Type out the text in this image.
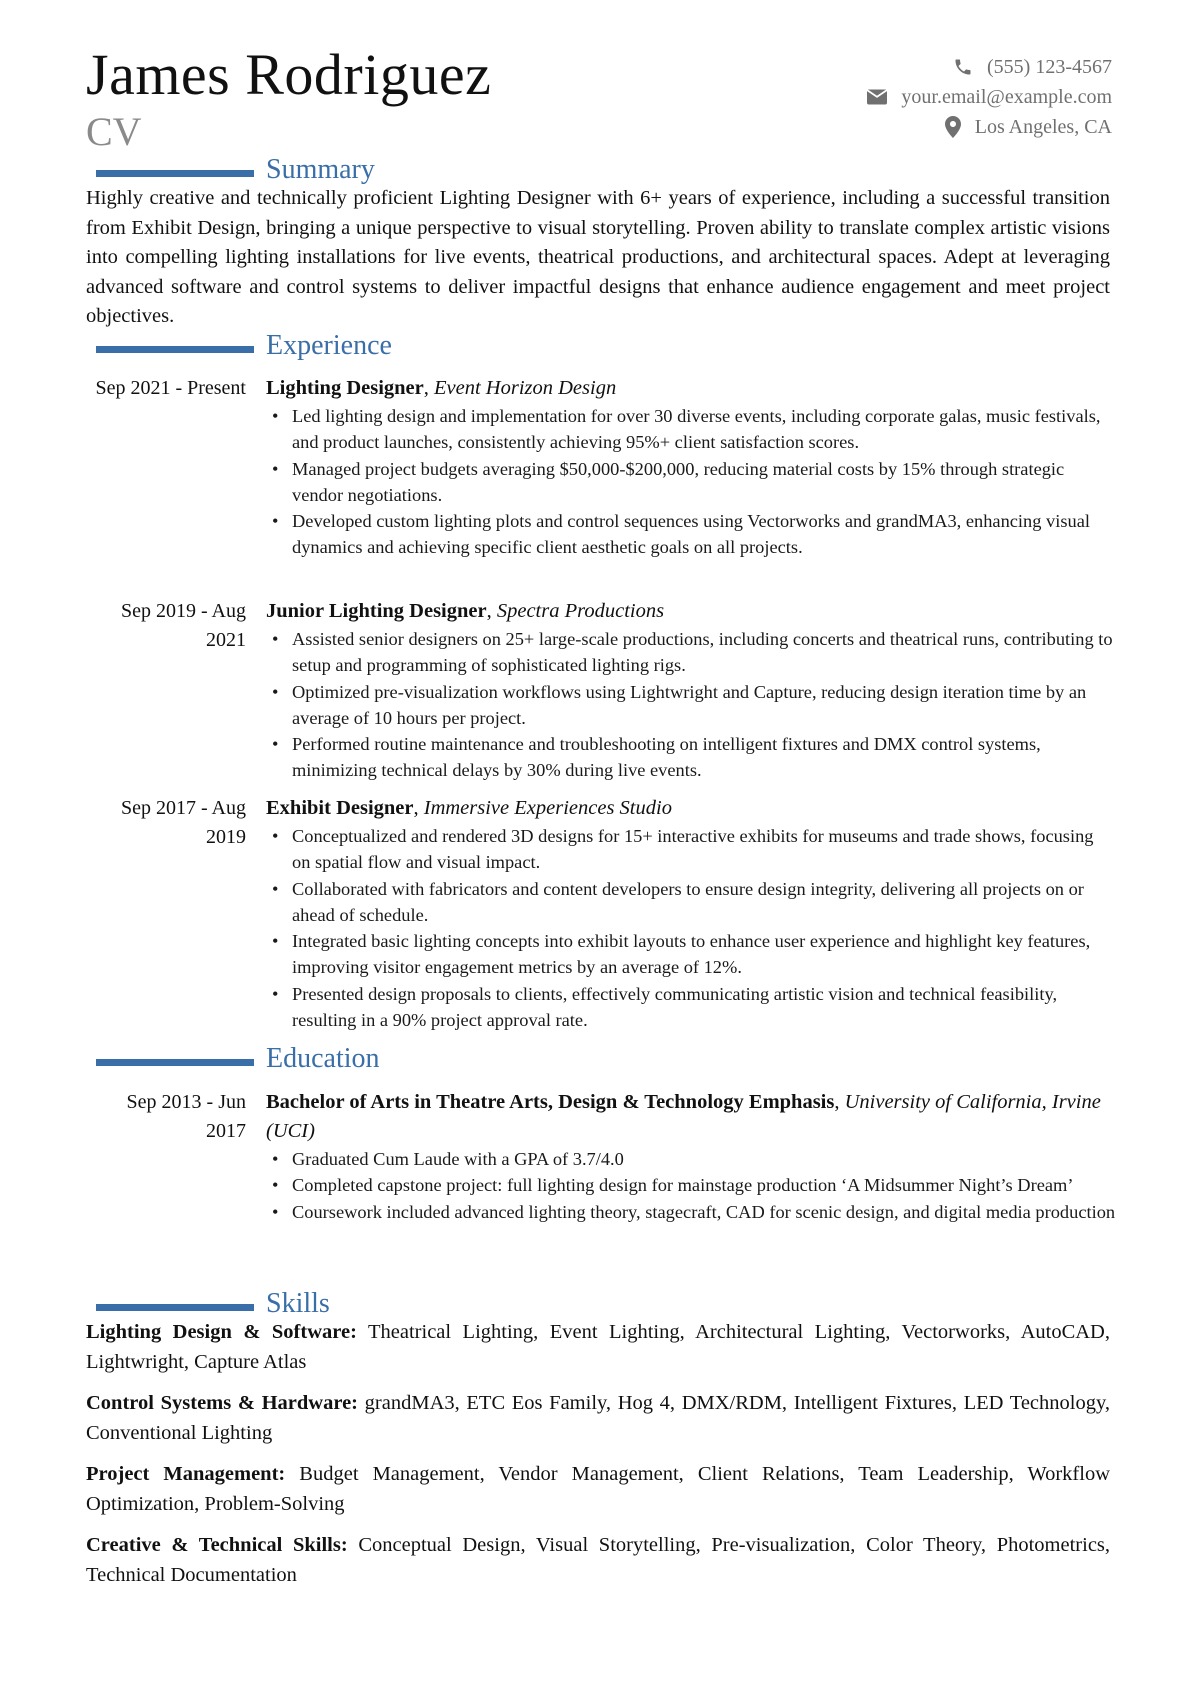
James Rodriguez
CV
(555) 123-4567
your.email@example.com
Los Angeles, CA
Summary
Highly creative and technically proficient Lighting Designer with 6+ years of experience, including a successful transition from Exhibit Design, bringing a unique perspective to visual storytelling. Proven ability to translate complex artistic visions into compelling lighting installations for live events, theatrical productions, and architectural spaces. Adept at leveraging advanced software and control systems to deliver impactful designs that enhance audience engagement and meet project objectives.
Experience
Sep 2021 - Present Lighting Designer, Event Horizon Design
• Led lighting design and implementation for over 30 diverse events, including corporate galas, music festivals, and product launches, consistently achieving 95%+ client satisfaction scores.
• Managed project budgets averaging $50,000-$200,000, reducing material costs by 15% through strategic vendor negotiations.
• Developed custom lighting plots and control sequences using Vectorworks and grandMA3, enhancing visual dynamics and achieving specific client aesthetic goals on all projects.
Sep 2019 - Aug 2021
Junior Lighting Designer, Spectra Productions
• Assisted senior designers on 25+ large-scale productions, including concerts and theatrical runs, contributing to setup and programming of sophisticated lighting rigs.
• Optimized pre-visualization workflows using Lightwright and Capture, reducing design iteration time by an average of 10 hours per project.
• Performed routine maintenance and troubleshooting on intelligent fixtures and DMX control systems, minimizing technical delays by 30% during live events.
Sep 2017 - Aug 2019
Exhibit Designer, Immersive Experiences Studio
• Conceptualized and rendered 3D designs for 15+ interactive exhibits for museums and trade shows, focusing on spatial flow and visual impact.
• Collaborated with fabricators and content developers to ensure design integrity, delivering all projects on or ahead of schedule.
• Integrated basic lighting concepts into exhibit layouts to enhance user experience and highlight key features, improving visitor engagement metrics by an average of 12%.
• Presented design proposals to clients, effectively communicating artistic vision and technical feasibility, resulting in a 90% project approval rate.
Education
Sep 2013 - Jun 2017
Bachelor of Arts in Theatre Arts, Design & Technology Emphasis, University of California, Irvine (UCI)
• Graduated Cum Laude with a GPA of 3.7/4.0
• Completed capstone project: full lighting design for mainstage production ‘A Midsummer Night’s Dream’
• Coursework included advanced lighting theory, stagecraft, CAD for scenic design, and digital media production
Skills
Lighting Design & Software: Theatrical Lighting, Event Lighting, Architectural Lighting, Vectorworks, AutoCAD, Lightwright, Capture Atlas
Control Systems & Hardware: grandMA3, ETC Eos Family, Hog 4, DMX/RDM, Intelligent Fixtures, LED Technology, Conventional Lighting
Project Management: Budget Management, Vendor Management, Client Relations, Team Leadership, Workflow Optimization, Problem-Solving
Creative & Technical Skills: Conceptual Design, Visual Storytelling, Pre-visualization, Color Theory, Photometrics, Technical Documentation
